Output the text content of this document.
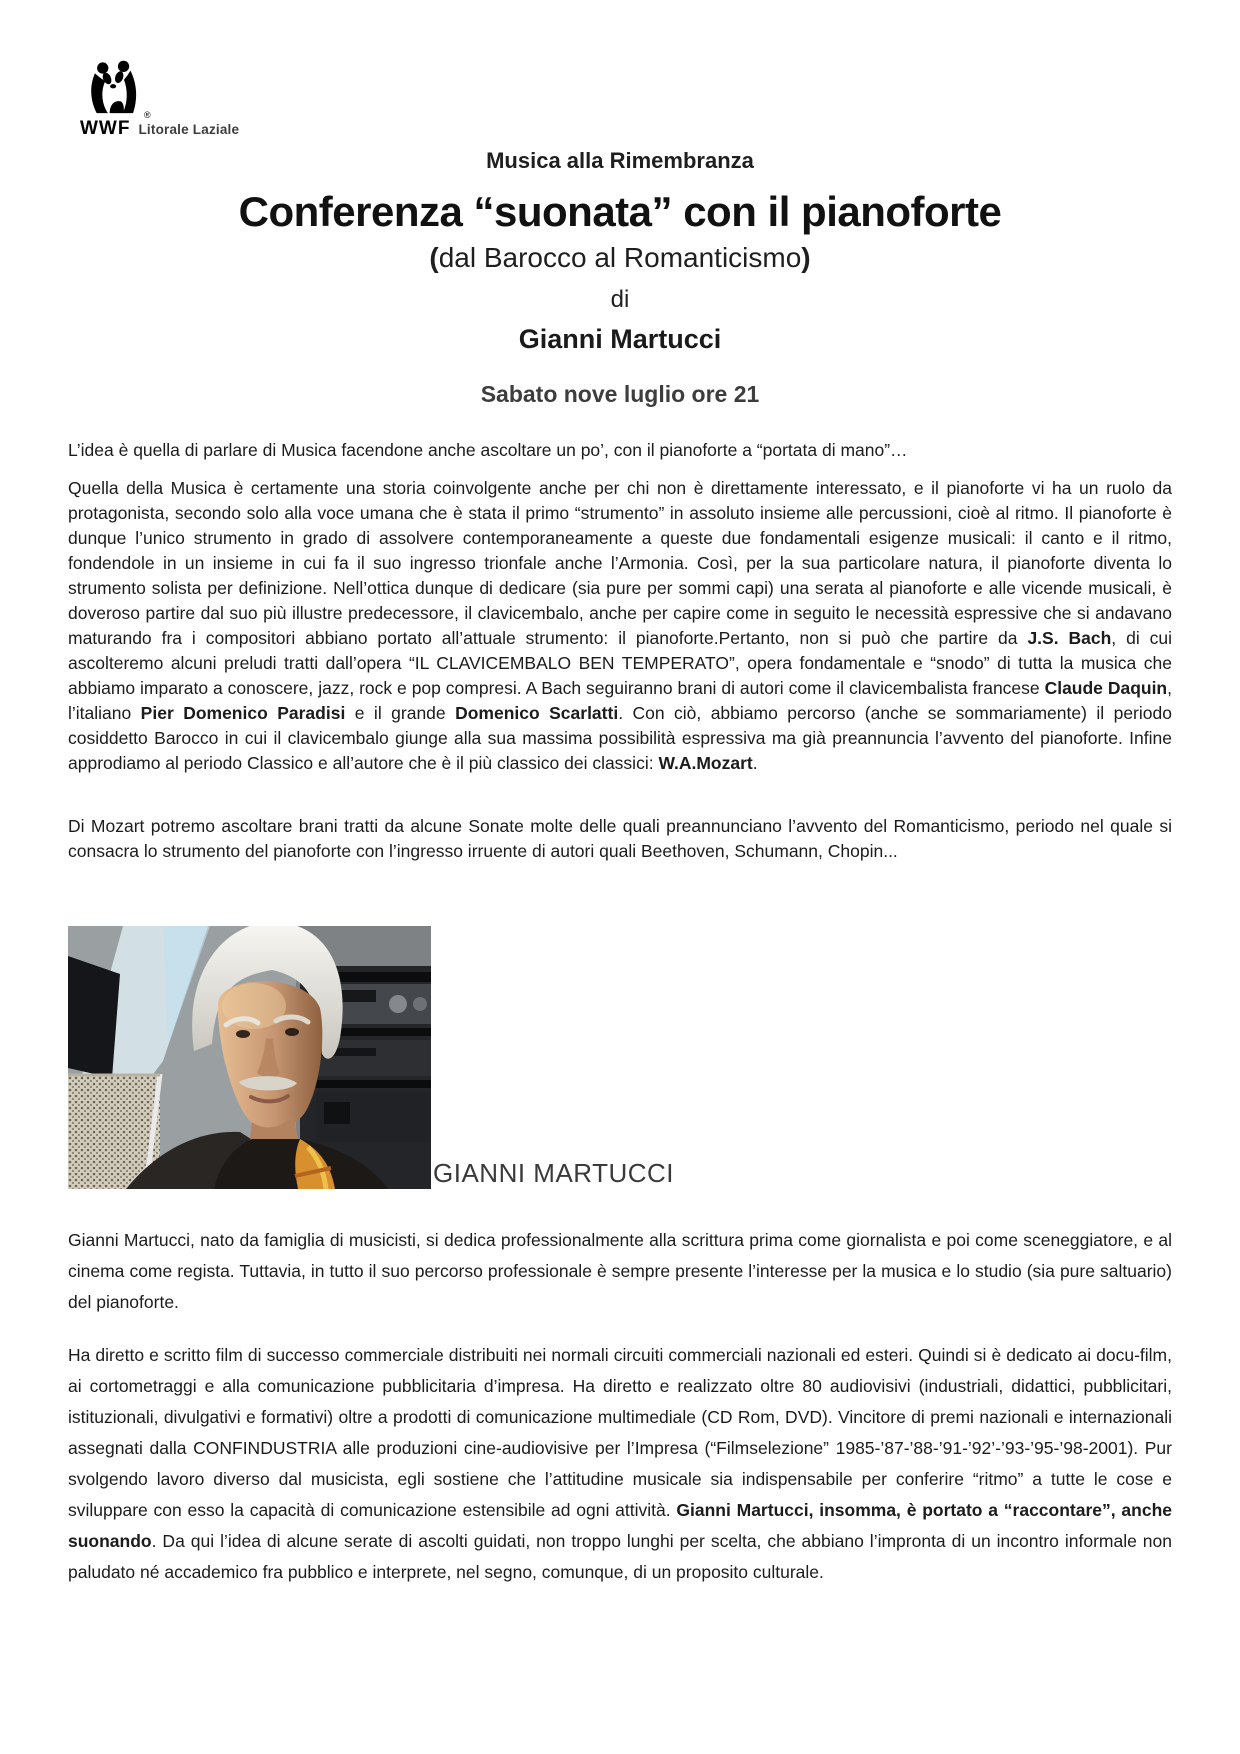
®
WWF Litorale Laziale
Musica alla Rimembranza
Conferenza “suonata” con il pianoforte
(dal Barocco al Romanticismo)
di
Gianni Martucci
Sabato nove luglio ore 21

L’idea è quella di parlare di Musica facendone anche ascoltare un po’, con il pianoforte a “portata di mano”…

Quella della Musica è certamente una storia coinvolgente anche per chi non è direttamente interessato, e il pianoforte vi ha un ruolo da protagonista, secondo solo alla voce umana che è stata il primo “strumento” in assoluto insieme alle percussioni, cioè al ritmo. Il pianoforte è dunque l’unico strumento in grado di assolvere contemporaneamente a queste due fondamentali esigenze musicali: il canto e il ritmo, fondendole in un insieme in cui fa il suo ingresso trionfale anche l’Armonia. Così, per la sua particolare natura, il pianoforte diventa lo strumento solista per definizione. Nell’ottica dunque di dedicare (sia pure per sommi capi) una serata al pianoforte e alle vicende musicali, è doveroso partire dal suo più illustre predecessore, il clavicembalo, anche per capire come in seguito le necessità espressive che si andavano maturando fra i compositori abbiano portato all’attuale strumento: il pianoforte.Pertanto, non si può che partire da J.S. Bach, di cui ascolteremo alcuni preludi tratti dall’opera “IL CLAVICEMBALO BEN TEMPERATO”, opera fondamentale e “snodo” di tutta la musica che abbiamo imparato a conoscere, jazz, rock e pop compresi. A Bach seguiranno brani di autori come il clavicembalista francese Claude Daquin, l’italiano Pier Domenico Paradisi e il grande Domenico Scarlatti. Con ciò, abbiamo percorso (anche se sommariamente) il periodo cosiddetto Barocco in cui il clavicembalo giunge alla sua massima possibilità espressiva ma già preannuncia l’avvento del pianoforte. Infine approdiamo al periodo Classico e all’autore che è il più classico dei classici: W.A.Mozart.

Di Mozart potremo ascoltare brani tratti da alcune Sonate molte delle quali preannunciano l’avvento del Romanticismo, periodo nel quale si consacra lo strumento del pianoforte con l’ingresso irruente di autori quali Beethoven, Schumann, Chopin...

GIANNI MARTUCCI

Gianni Martucci, nato da famiglia di musicisti, si dedica professionalmente alla scrittura prima come giornalista e poi come sceneggiatore, e al cinema come regista. Tuttavia, in tutto il suo percorso professionale è sempre presente l’interesse per la musica e lo studio (sia pure saltuario) del pianoforte.

Ha diretto e scritto film di successo commerciale distribuiti nei normali circuiti commerciali nazionali ed esteri. Quindi si è dedicato ai docu-film, ai cortometraggi e alla comunicazione pubblicitaria d’impresa. Ha diretto e realizzato oltre 80 audiovisivi (industriali, didattici, pubblicitari, istituzionali, divulgativi e formativi) oltre a prodotti di comunicazione multimediale (CD Rom, DVD). Vincitore di premi nazionali e internazionali assegnati dalla CONFINDUSTRIA alle produzioni cine-audiovisive per l’Impresa (“Filmselezione” 1985-’87-’88-’91-’92’-’93-’95-’98-2001). Pur svolgendo lavoro diverso dal musicista, egli sostiene che l’attitudine musicale sia indispensabile per conferire “ritmo” a tutte le cose e sviluppare con esso la capacità di comunicazione estensibile ad ogni attività. Gianni Martucci, insomma, è portato a “raccontare”, anche suonando. Da qui l’idea di alcune serate di ascolti guidati, non troppo lunghi per scelta, che abbiano l’impronta di un incontro informale non paludato né accademico fra pubblico e interprete, nel segno, comunque, di un proposito culturale.
